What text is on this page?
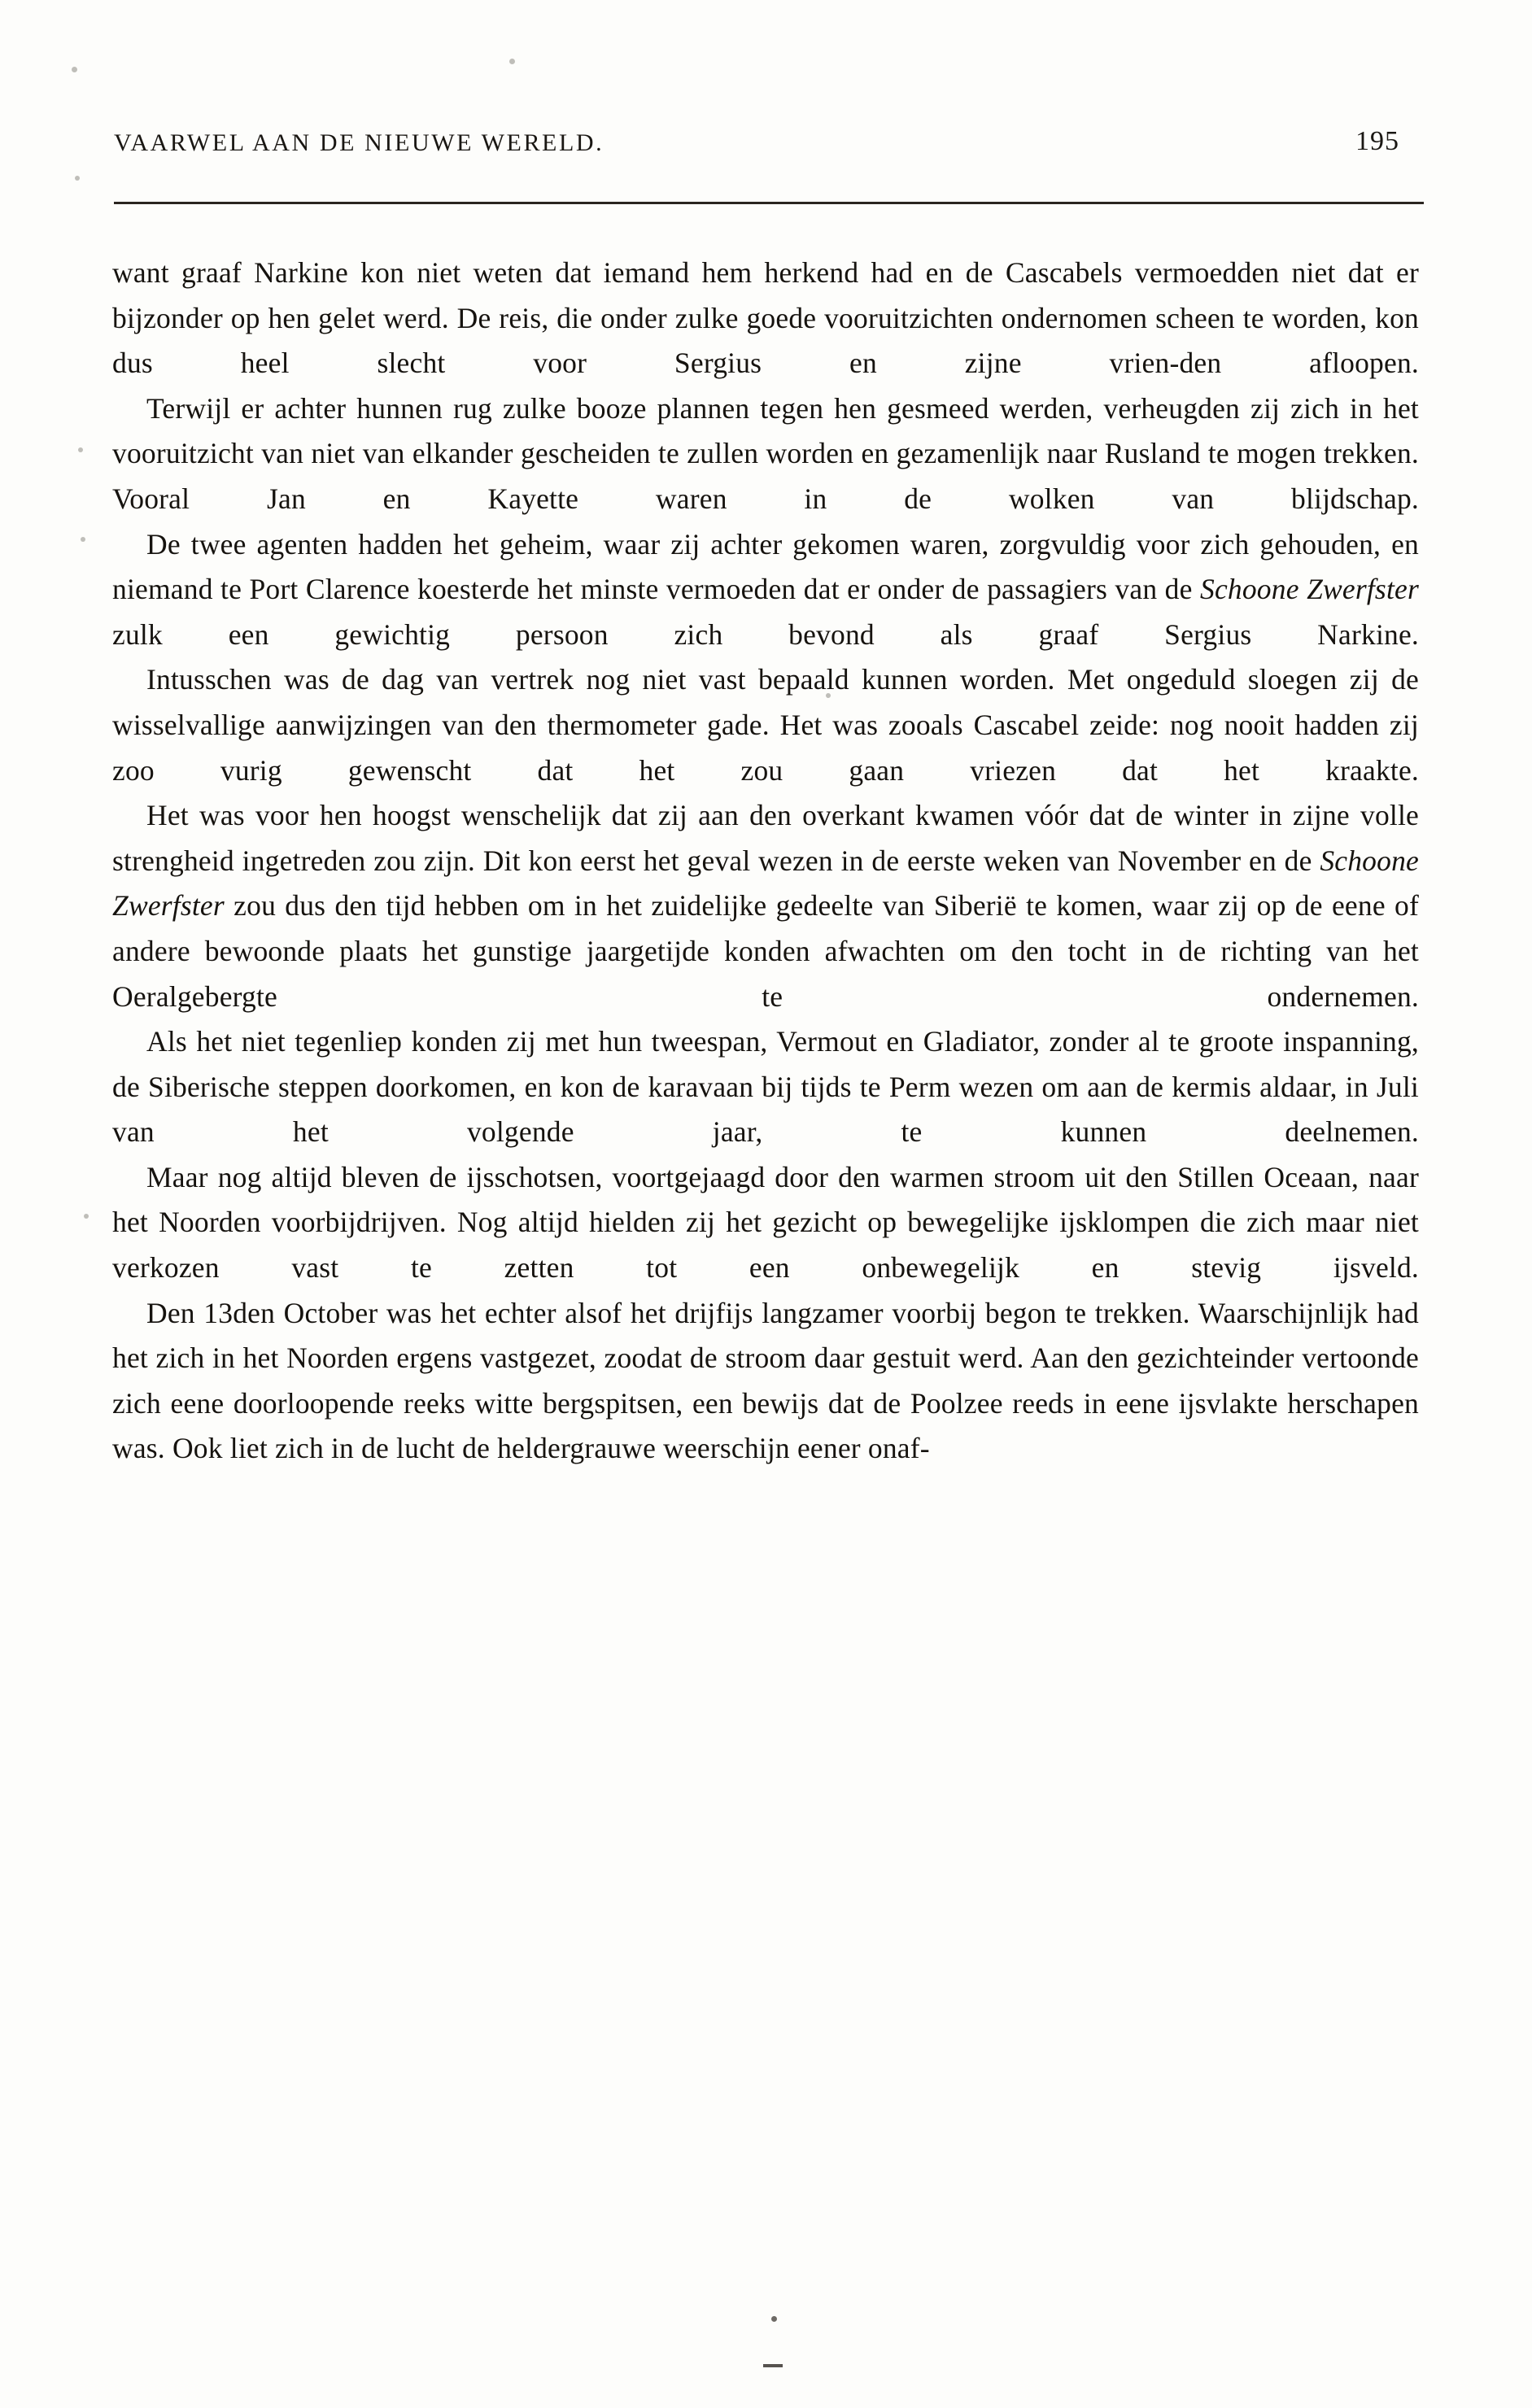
VAARWEL AAN DE NIEUWE WERELD.	195

want graaf Narkine kon niet weten dat iemand hem herkend had en de Cascabels vermoedden niet dat er bijzonder op hen gelet werd. De reis, die onder zulke goede vooruitzichten ondernomen scheen te worden, kon dus heel slecht voor Sergius en zijne vrien-den afloopen.

Terwijl er achter hunnen rug zulke booze plannen tegen hen gesmeed werden, verheugden zij zich in het vooruitzicht van niet van elkander gescheiden te zullen worden en gezamenlijk naar Rusland te mogen trekken. Vooral Jan en Kayette waren in de wolken van blijdschap.

De twee agenten hadden het geheim, waar zij achter gekomen waren, zorgvuldig voor zich gehouden, en niemand te Port Clarence koesterde het minste vermoeden dat er onder de passagiers van de Schoone Zwerfster zulk een gewichtig persoon zich bevond als graaf Sergius Narkine.

Intusschen was de dag van vertrek nog niet vast bepaald kunnen worden. Met ongeduld sloegen zij de wisselvallige aanwijzingen van den thermometer gade. Het was zooals Cascabel zeide: nog nooit hadden zij zoo vurig gewenscht dat het zou gaan vriezen dat het kraakte.

Het was voor hen hoogst wenschelijk dat zij aan den overkant kwamen vóór dat de winter in zijne volle strengheid ingetreden zou zijn. Dit kon eerst het geval wezen in de eerste weken van November en de Schoone Zwerfster zou dus den tijd hebben om in het zuidelijke gedeelte van Siberië te komen, waar zij op de eene of andere bewoonde plaats het gunstige jaargetijde konden afwachten om den tocht in de richting van het Oeralgebergte te ondernemen.

Als het niet tegenliep konden zij met hun tweespan, Vermout en Gladiator, zonder al te groote inspanning, de Siberische steppen doorkomen, en kon de karavaan bij tijds te Perm wezen om aan de kermis aldaar, in Juli van het volgende jaar, te kunnen deelnemen.

Maar nog altijd bleven de ijsschotsen, voortgejaagd door den warmen stroom uit den Stillen Oceaan, naar het Noorden voorbijdrijven. Nog altijd hielden zij het gezicht op bewegelijke ijsklompen die zich maar niet verkozen vast te zetten tot een onbewegelijk en stevig ijsveld.

Den 13den October was het echter alsof het drijfijs langzamer voorbij begon te trekken. Waarschijnlijk had het zich in het Noorden ergens vastgezet, zoodat de stroom daar gestuit werd. Aan den gezichteinder vertoonde zich eene doorloopende reeks witte bergspitsen, een bewijs dat de Poolzee reeds in eene ijsvlakte herschapen was. Ook liet zich in de lucht de heldergrauwe weerschijn eener onaf-
